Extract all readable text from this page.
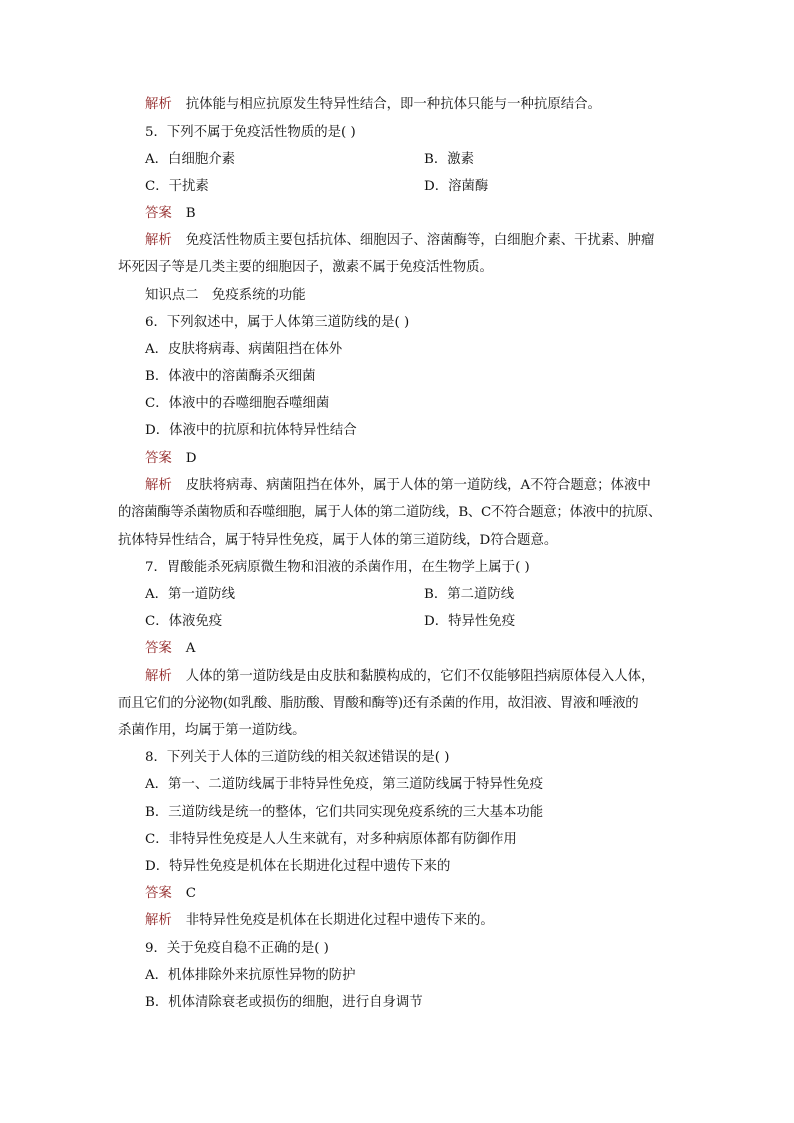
解析 抗体能与相应抗原发生特异性结合，即一种抗体只能与一种抗原结合。
5．下列不属于免疫活性物质的是( )
A．白细胞介素	B．激素
C．干扰素	D．溶菌酶
答案 B
解析 免疫活性物质主要包括抗体、细胞因子、溶菌酶等，白细胞介素、干扰素、肿瘤
坏死因子等是几类主要的细胞因子，激素不属于免疫活性物质。
知识点二　免疫系统的功能
6．下列叙述中，属于人体第三道防线的是( )
A．皮肤将病毒、病菌阻挡在体外
B．体液中的溶菌酶杀灭细菌
C．体液中的吞噬细胞吞噬细菌
D．体液中的抗原和抗体特异性结合
答案 D
解析 皮肤将病毒、病菌阻挡在体外，属于人体的第一道防线，A不符合题意；体液中
的溶菌酶等杀菌物质和吞噬细胞，属于人体的第二道防线，B、C不符合题意；体液中的抗原、
抗体特异性结合，属于特异性免疫，属于人体的第三道防线，D符合题意。
7．胃酸能杀死病原微生物和泪液的杀菌作用，在生物学上属于( )
A．第一道防线	B．第二道防线
C．体液免疫	D．特异性免疫
答案 A
解析 人体的第一道防线是由皮肤和黏膜构成的，它们不仅能够阻挡病原体侵入人体，
而且它们的分泌物(如乳酸、脂肪酸、胃酸和酶等)还有杀菌的作用，故泪液、胃液和唾液的
杀菌作用，均属于第一道防线。
8．下列关于人体的三道防线的相关叙述错误的是( )
A．第一、二道防线属于非特异性免疫，第三道防线属于特异性免疫
B．三道防线是统一的整体，它们共同实现免疫系统的三大基本功能
C．非特异性免疫是人人生来就有，对多种病原体都有防御作用
D．特异性免疫是机体在长期进化过程中遗传下来的
答案 C
解析 非特异性免疫是机体在长期进化过程中遗传下来的。
9．关于免疫自稳不正确的是( )
A．机体排除外来抗原性异物的防护
B．机体清除衰老或损伤的细胞，进行自身调节
